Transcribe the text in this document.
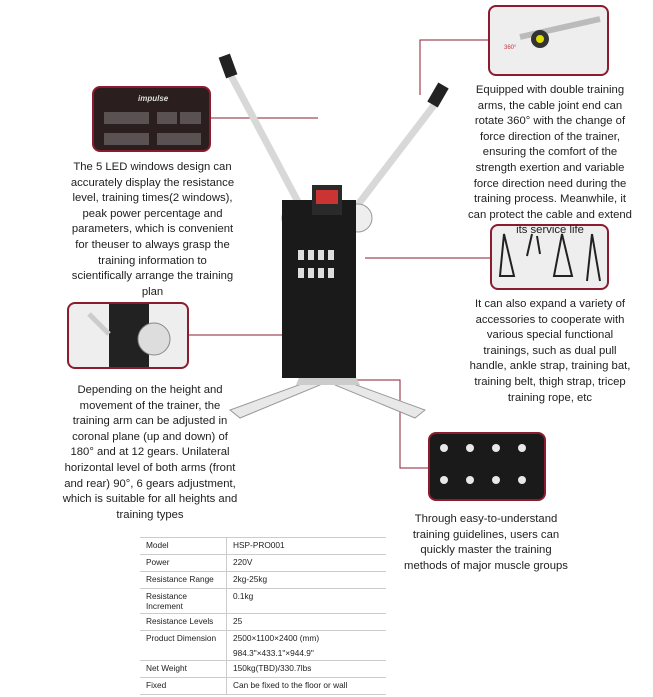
impulse
The 5 LED windows design can accurately display the resistance level, training times(2 windows), peak power percentage and parameters, which is convenient for theuser to always grasp the training information to scientifically arrange the training plan
360°
Equipped with double training arms, the cable joint end can rotate 360° with the change of force direction of the trainer, ensuring the comfort of the strength exertion and variable force direction need during the training process. Meanwhile, it can protect the cable and extend its service life
It can also expand a variety of accessories to cooperate with various special functional trainings, such as dual pull handle, ankle strap, training bat, training belt, thigh strap, tricep training rope, etc
Depending on the height and movement of the trainer, the training arm can be adjusted in coronal plane (up and down) of 180° and at 12 gears. Unilateral horizontal level of both arms (front and rear) 90°, 6 gears adjustment, which is suitable for all heights and training types	Through easy-to-understand training guidelines, users can quickly master the training methods of major muscle groups
Model	HSP-PRO001
Power	220V
Resistance Range	2kg-25kg
Resistance Increment	0.1kg
Resistance Levels	25
Product Dimension	2500×1100×2400 (mm)
984.3"×433.1"×944.9"

Net Weight	150kg(TBD)/330.7lbs
Fixed	Can be fixed to the floor or wall
